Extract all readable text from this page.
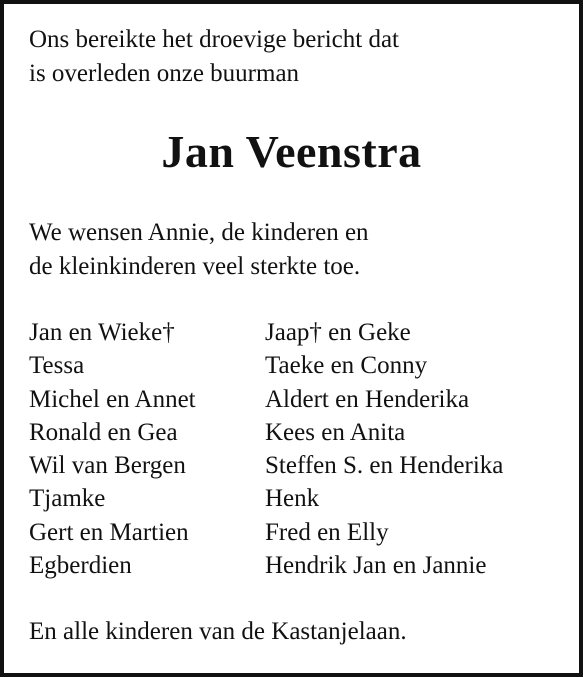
Ons bereikte het droevige bericht dat
is overleden onze buurman
Jan Veenstra
We wensen Annie, de kinderen en
de kleinkinderen veel sterkte toe.
Jan en Wieke†
Tessa
Michel en Annet
Ronald en Gea
Wil van Bergen
Tjamke
Gert en Martien
Egberdien
Jaap† en Geke
Taeke en Conny
Aldert en Henderika
Kees en Anita
Steffen S. en Henderika
Henk
Fred en Elly
Hendrik Jan en Jannie
En alle kinderen van de Kastanjelaan.
